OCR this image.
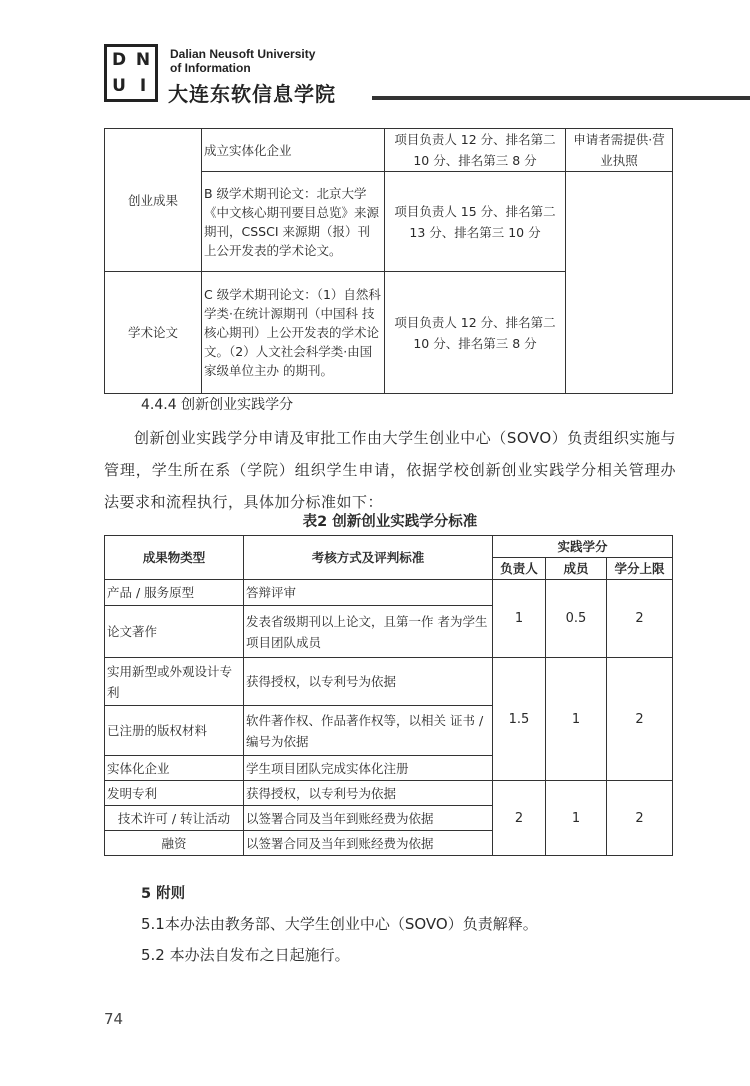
D N
U I
Dalian Neusoft University
of Information
大连东软信息学院
创业成果	成立实体化企业	项目负责人 12 分、排名第二 10 分、排名第三 8 分	申请者需提供·营业执照
	B 级学术期刊论文：北京大学《中文核心期刊要目总览》来源 期刊，CSSCI 来源期（报）刊上公开发表的学术论文。	项目负责人 15 分、排名第二 13 分、排名第三 10 分	
学术论文	C 级学术期刊论文：（1）自然科学类·在统计源期刊（中国科 技核心期刊）上公开发表的学术论文。（2）人文社会科学类·由国家级单位主办 的期刊。	项目负责人 12 分、排名第二 10 分、排名第三 8 分	
4.4.4 创新创业实践学分
创新创业实践学分申请及审批工作由大学生创业中心（SOVO）负责组织实施与管理，学生所在系（学院）组织学生申请，依据学校创新创业实践学分相关管理办法要求和流程执行，具体加分标准如下：
表2 创新创业实践学分标准
成果物类型	考核方式及评判标准	实践学分		
		负责人	成员	学分上限
产品 / 服务原型	答辩评审	1	0.5	2
论文著作	发表省级期刊以上论文，且第一作 者为学生项目团队成员			
实用新型或外观设计专利	获得授权，以专利号为依据	1.5	1	2
已注册的版权材料	软件著作权、作品著作权等，以相关 证书 / 编号为依据			
实体化企业	学生项目团队完成实体化注册			
发明专利	获得授权，以专利号为依据	2	1	2
技术许可 / 转让活动	以签署合同及当年到账经费为依据			
融资	以签署合同及当年到账经费为依据			
5 附则
5.1本办法由教务部、大学生创业中心（SOVO）负责解释。
5.2 本办法自发布之日起施行。
74
